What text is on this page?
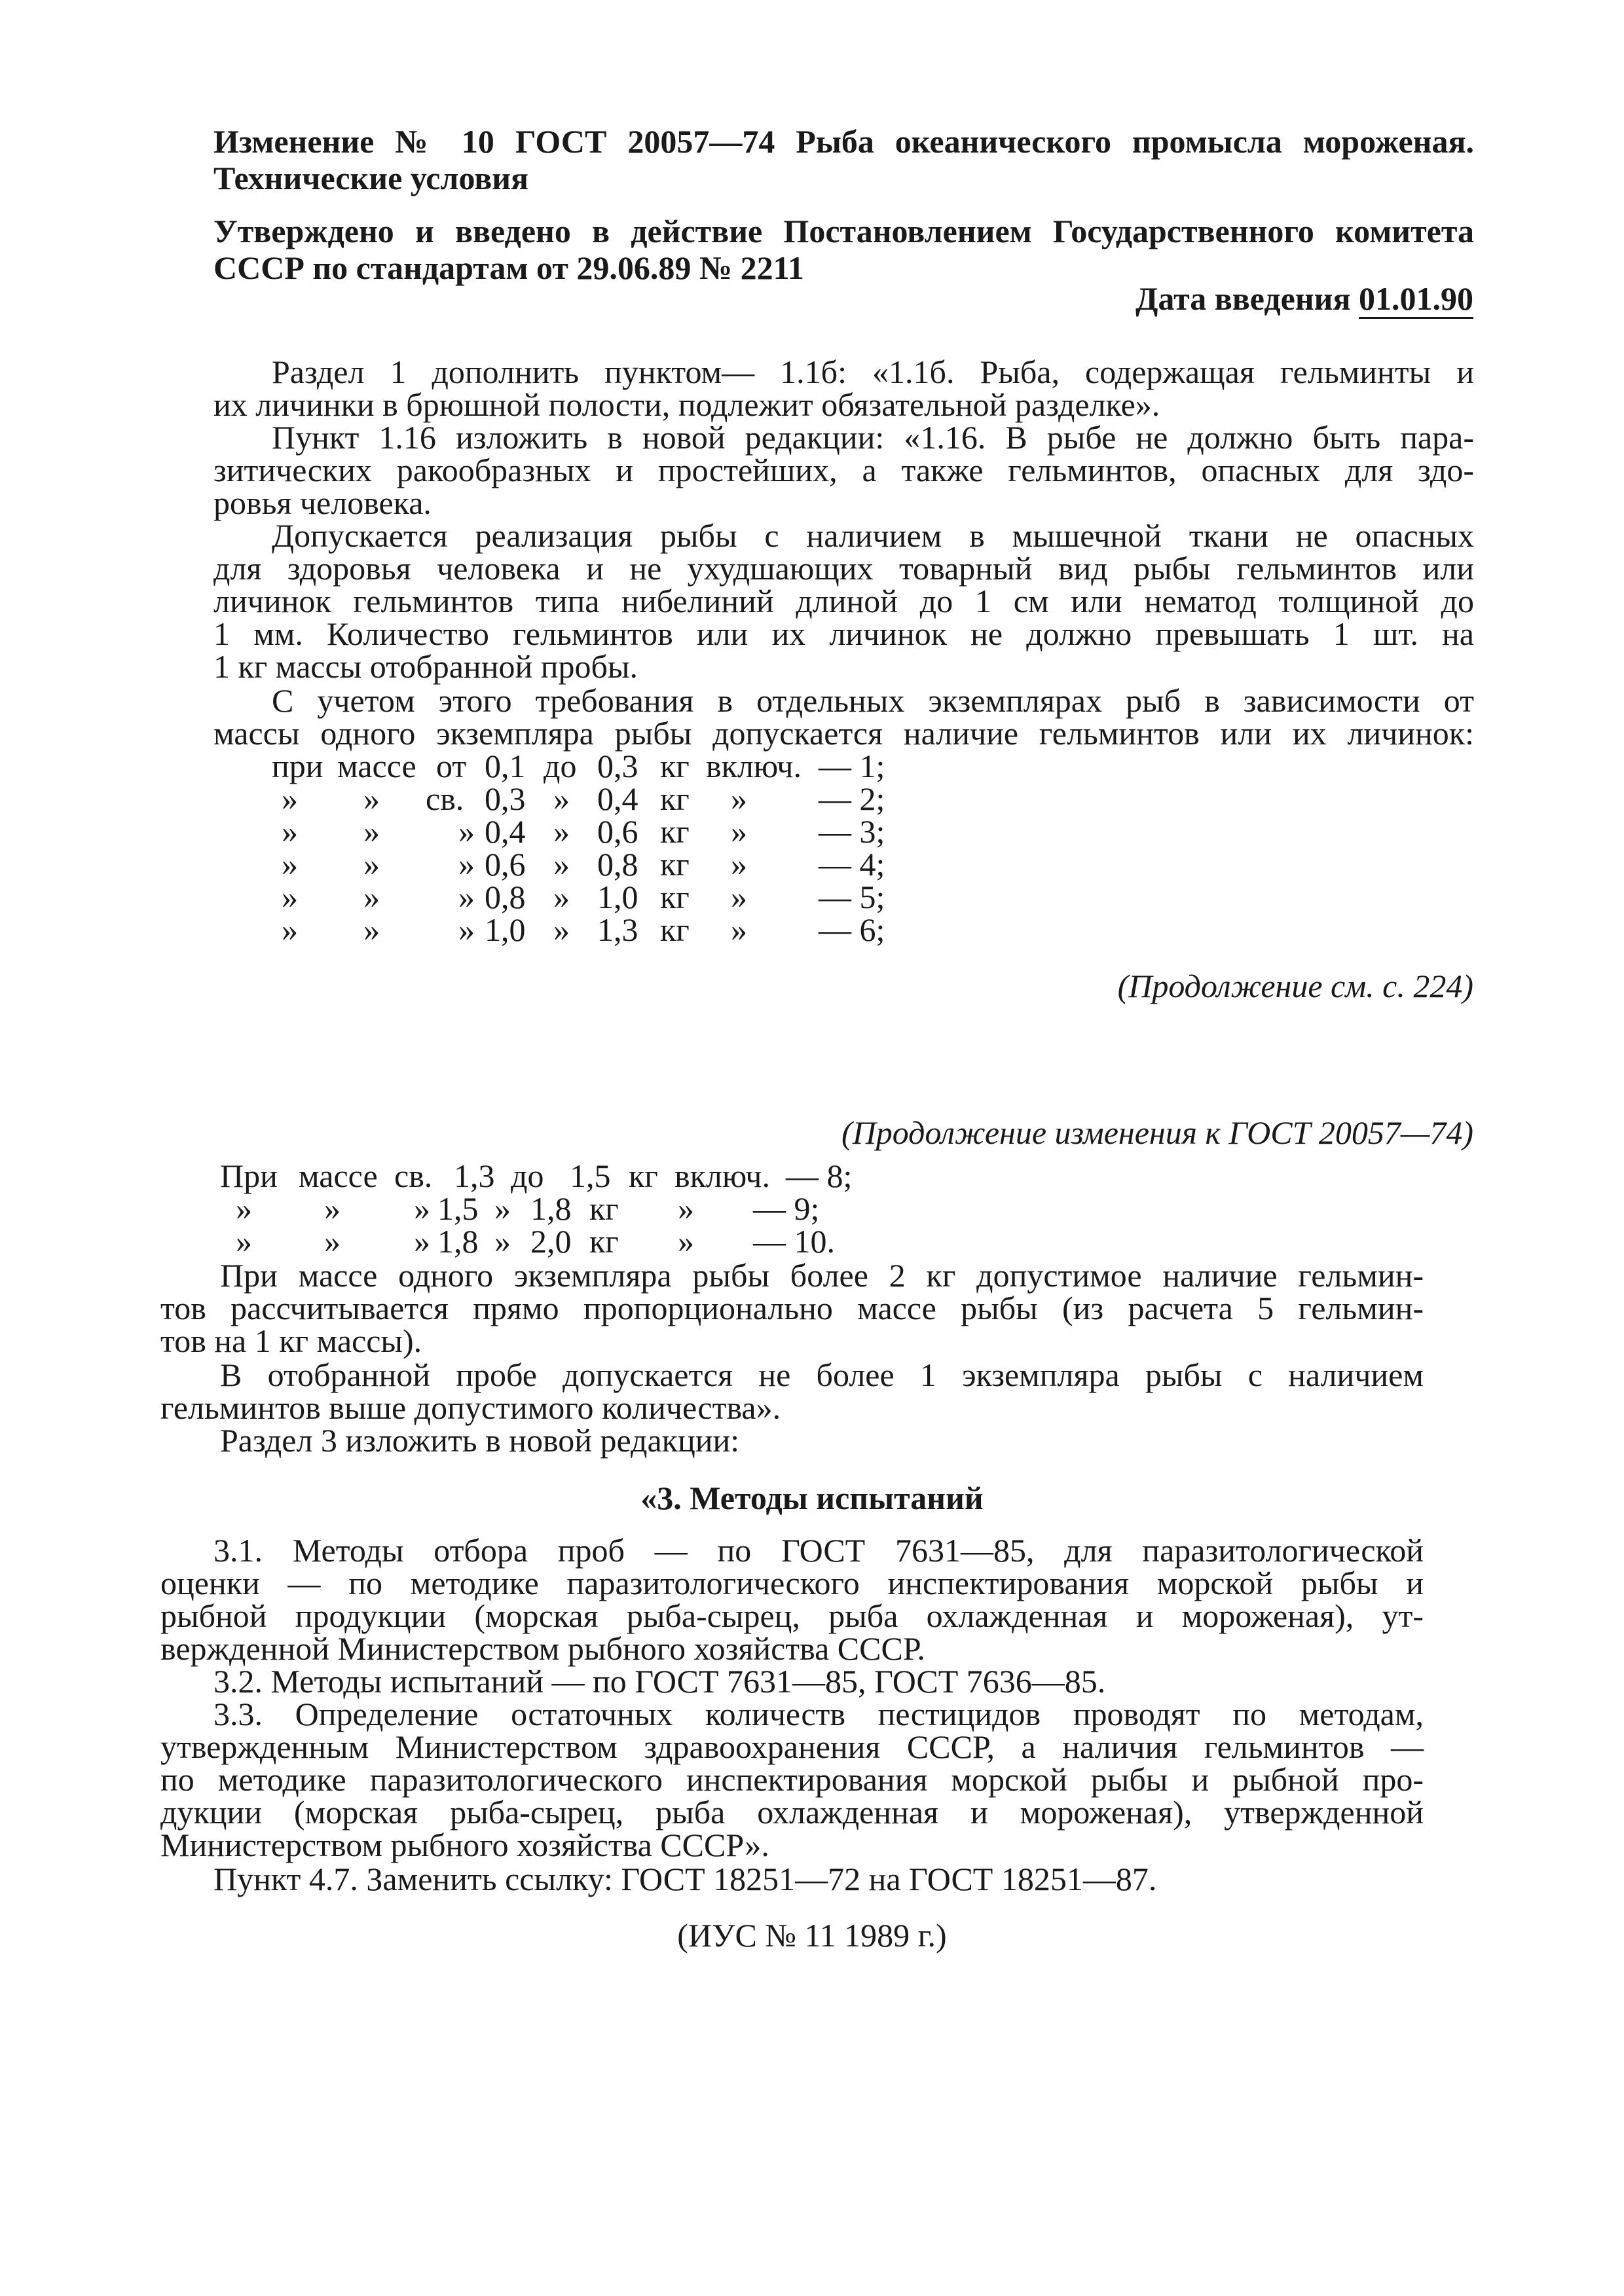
Изменение № 10 ГОСТ 20057—74 Рыба океанического промысла мороженая.
Технические условия
Утверждено и введено в действие Постановлением Государственного комитета
СССР по стандартам от 29.06.89 № 2211
Дата введения 01.01.90
Раздел 1 дополнить пунктом— 1.1б: «1.1б. Рыба, содержащая гельминты и
их личинки в брюшной полости, подлежит обязательной разделке».
Пункт 1.16 изложить в новой редакции: «1.16. В рыбе не должно быть пара-
зитических ракообразных и простейших, а также гельминтов, опасных для здо-
ровья человека.
Допускается реализация рыбы с наличием в мышечной ткани не опасных
для здоровья человека и не ухудшающих товарный вид рыбы гельминтов или
личинок гельминтов типа нибелиний длиной до 1 см или нематод толщиной до
1 мм. Количество гельминтов или их личинок не должно превышать 1 шт. на
1 кг массы отобранной пробы.
С учетом этого требования в отдельных экземплярах рыб в зависимости от
массы одного экземпляра рыбы допускается наличие гельминтов или их личинок:
при массе от 0,1 до 0,3 кг включ. — 1;
» » св. 0,3 » 0,4 кг » — 2;
» » » 0,4 » 0,6 кг » — 3;
» » » 0,6 » 0,8 кг » — 4;
» » » 0,8 » 1,0 кг » — 5;
» » » 1,0 » 1,3 кг » — 6;
(Продолжение см. с. 224)
(Продолжение изменения к ГОСТ 20057—74)
При массе св. 1,3 до 1,5 кг включ. — 8;
» » » 1,5 » 1,8 кг » — 9;
» » » 1,8 » 2,0 кг » — 10.
При массе одного экземпляра рыбы более 2 кг допустимое наличие гельмин-
тов рассчитывается прямо пропорционально массе рыбы (из расчета 5 гельмин-
тов на 1 кг массы).
В отобранной пробе допускается не более 1 экземпляра рыбы с наличием
гельминтов выше допустимого количества».
Раздел 3 изложить в новой редакции:
«3. Методы испытаний
3.1. Методы отбора проб — по ГОСТ 7631—85, для паразитологической
оценки — по методике паразитологического инспектирования морской рыбы и
рыбной продукции (морская рыба-сырец, рыба охлажденная и мороженая), ут-
вержденной Министерством рыбного хозяйства СССР.
3.2. Методы испытаний — по ГОСТ 7631—85, ГОСТ 7636—85.
3.3. Определение остаточных количеств пестицидов проводят по методам,
утвержденным Министерством здравоохранения СССР, а наличия гельминтов —
по методике паразитологического инспектирования морской рыбы и рыбной про-
дукции (морская рыба-сырец, рыба охлажденная и мороженая), утвержденной
Министерством рыбного хозяйства СССР».
Пункт 4.7. Заменить ссылку: ГОСТ 18251—72 на ГОСТ 18251—87.
(ИУС № 11 1989 г.)
